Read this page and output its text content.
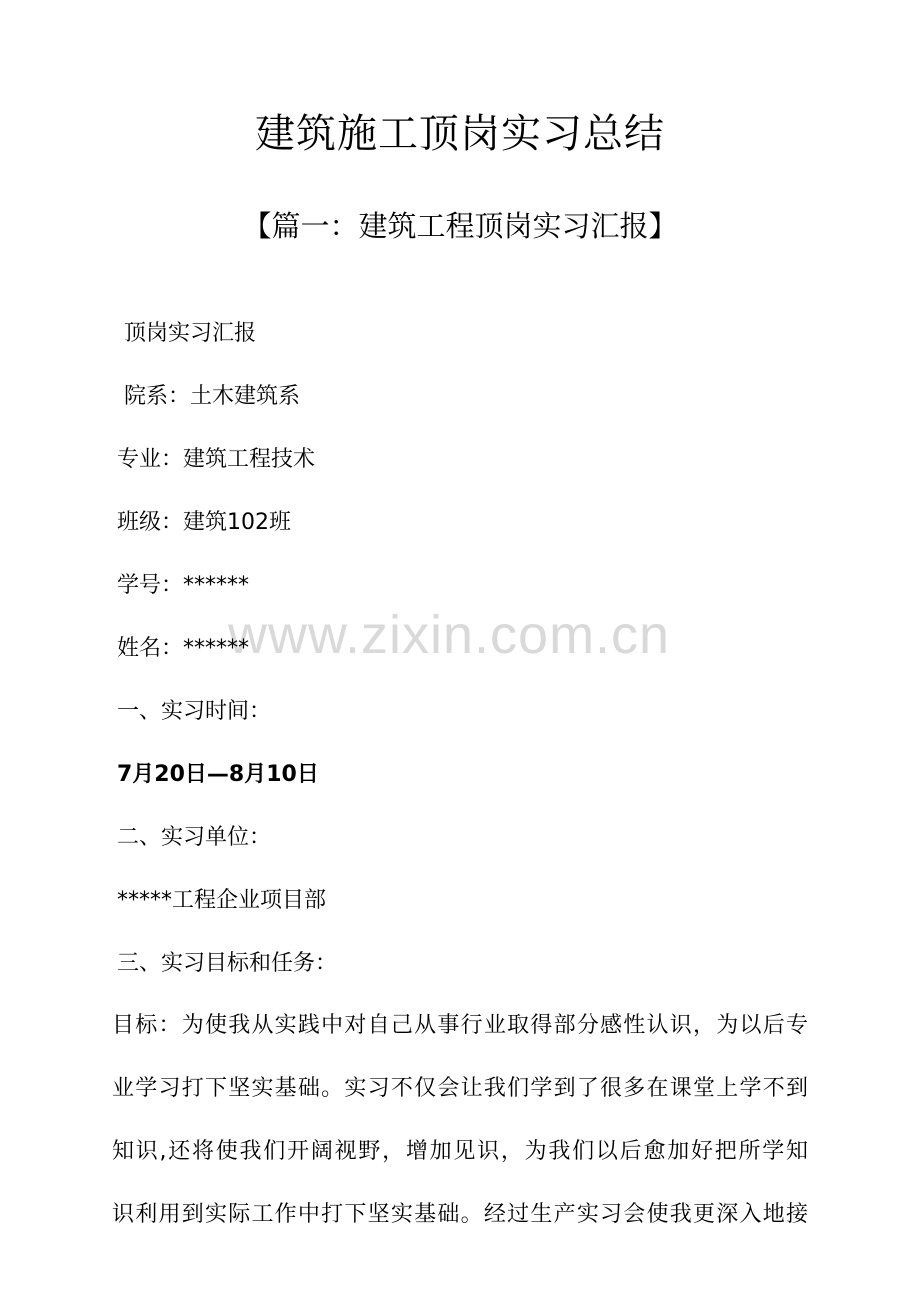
www.zixin.com.cn
建筑施工顶岗实习总结
【篇一：建筑工程顶岗实习汇报】
顶岗实习汇报
院系：土木建筑系
专业：建筑工程技术
班级：建筑102班
学号：******
姓名：******
一、实习时间：
7月20日—8月10日
二、实习单位：
*****工程企业项目部
三、实习目标和任务：
目标：为使我从实践中对自己从事行业取得部分感性认识，为以后专
业学习打下坚实基础。实习不仅会让我们学到了很多在课堂上学不到
知识,还将使我们开阔视野，增加见识，为我们以后愈加好把所学知
识利用到实际工作中打下坚实基础。经过生产实习会使我更深入地接
